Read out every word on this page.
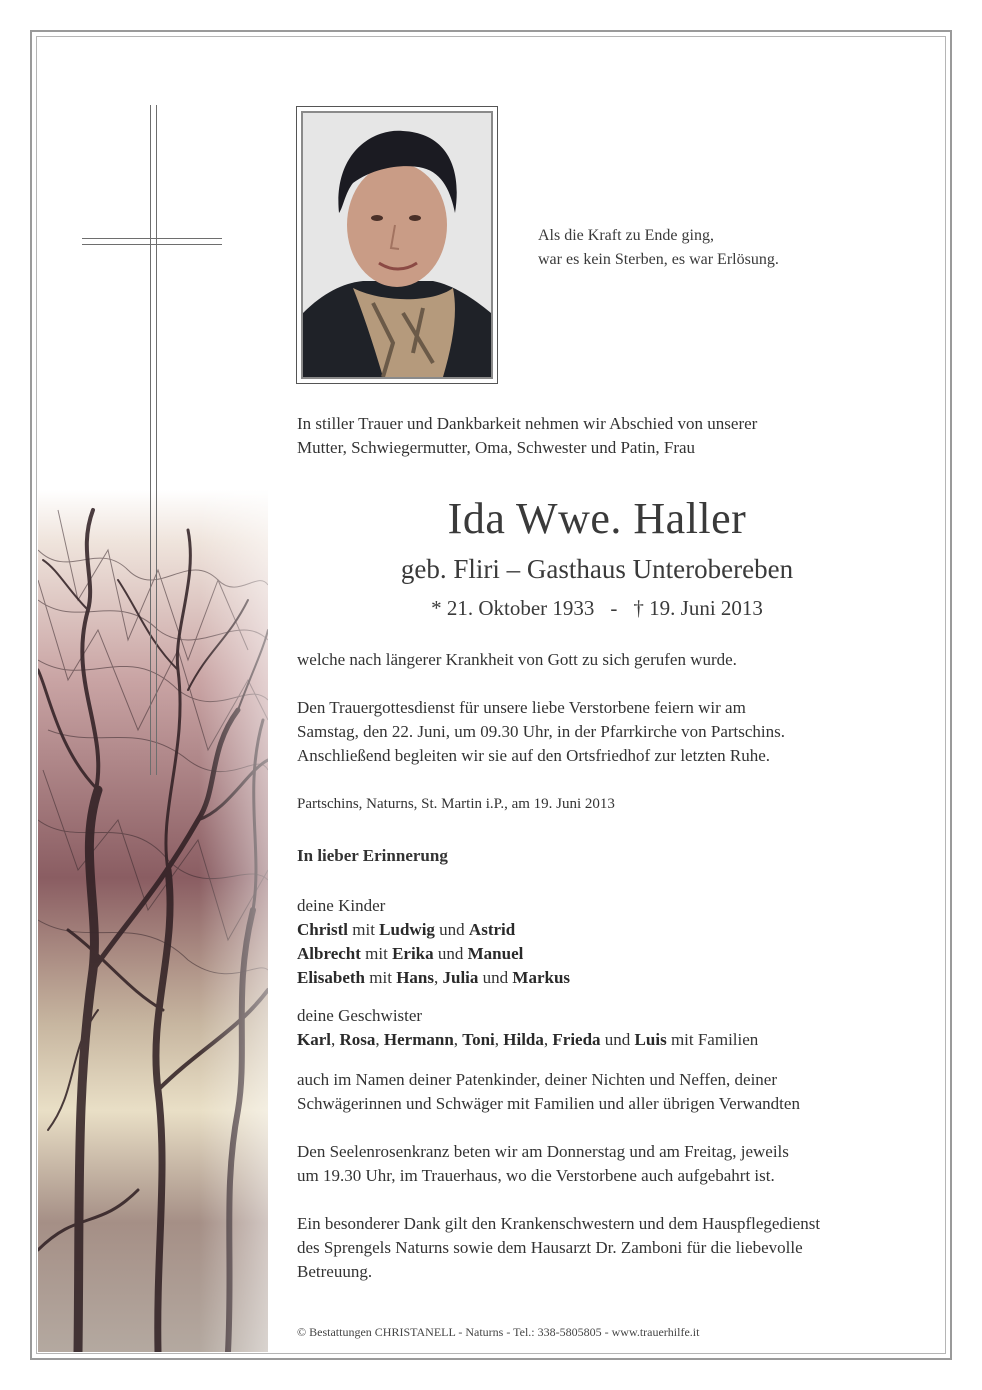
Als die Kraft zu Ende ging,
war es kein Sterben, es war Erlösung.
In stiller Trauer und Dankbarkeit nehmen wir Abschied von unserer
Mutter, Schwiegermutter, Oma, Schwester und Patin, Frau
Ida Wwe. Haller
geb. Fliri – Gasthaus Unterobereben
* 21. Oktober 1933 - † 19. Juni 2013
welche nach längerer Krankheit von Gott zu sich gerufen wurde.
Den Trauergottesdienst für unsere liebe Verstorbene feiern wir am
Samstag, den 22. Juni, um 09.30 Uhr, in der Pfarrkirche von Partschins.
Anschließend begleiten wir sie auf den Ortsfriedhof zur letzten Ruhe.
Partschins, Naturns, St. Martin i.P., am 19. Juni 2013
In lieber Erinnerung
deine Kinder
Christl mit Ludwig und Astrid
Albrecht mit Erika und Manuel
Elisabeth mit Hans, Julia und Markus
deine Geschwister
Karl, Rosa, Hermann, Toni, Hilda, Frieda und Luis mit Familien
auch im Namen deiner Patenkinder, deiner Nichten und Neffen, deiner
Schwägerinnen und Schwäger mit Familien und aller übrigen Verwandten
Den Seelenrosenkranz beten wir am Donnerstag und am Freitag, jeweils
um 19.30 Uhr, im Trauerhaus, wo die Verstorbene auch aufgebahrt ist.
Ein besonderer Dank gilt den Krankenschwestern und dem Hauspflegedienst
des Sprengels Naturns sowie dem Hausarzt Dr. Zamboni für die liebevolle
Betreuung.
© Bestattungen CHRISTANELL - Naturns - Tel.: 338-5805805 - www.trauerhilfe.it
